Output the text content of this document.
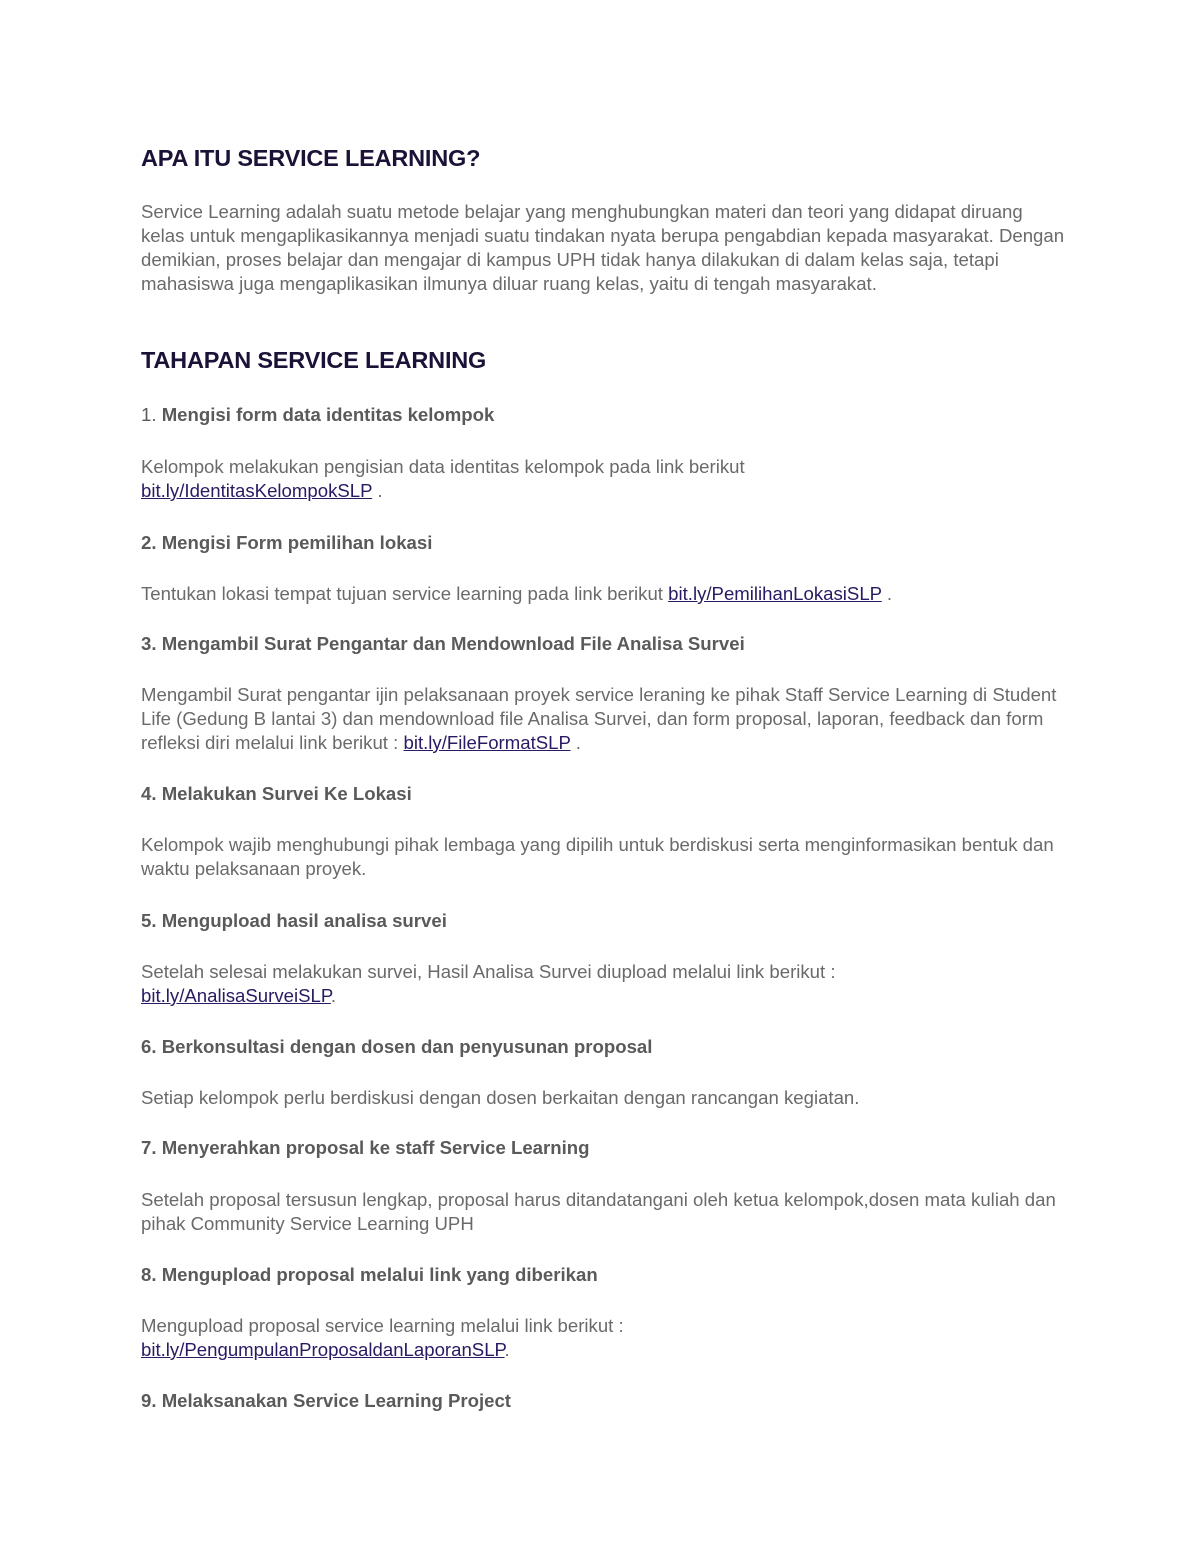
APA ITU SERVICE LEARNING?

Service Learning adalah suatu metode belajar yang menghubungkan materi dan teori yang didapat diruang kelas untuk mengaplikasikannya menjadi suatu tindakan nyata berupa pengabdian kepada masyarakat. Dengan demikian, proses belajar dan mengajar di kampus UPH tidak hanya dilakukan di dalam kelas saja, tetapi mahasiswa juga mengaplikasikan ilmunya diluar ruang kelas, yaitu di tengah masyarakat.

TAHAPAN SERVICE LEARNING

1. Mengisi form data identitas kelompok

Kelompok melakukan pengisian data identitas kelompok pada link berikut bit.ly/IdentitasKelompokSLP .

2. Mengisi Form pemilihan lokasi

Tentukan lokasi tempat tujuan service learning pada link berikut bit.ly/PemilihanLokasiSLP .

3. Mengambil Surat Pengantar dan Mendownload File Analisa Survei

Mengambil Surat pengantar ijin pelaksanaan proyek service leraning ke pihak Staff Service Learning di Student Life (Gedung B lantai 3) dan mendownload file Analisa Survei, dan form proposal, laporan, feedback dan form refleksi diri melalui link berikut : bit.ly/FileFormatSLP .

4. Melakukan Survei Ke Lokasi

Kelompok wajib menghubungi pihak lembaga yang dipilih untuk berdiskusi serta menginformasikan bentuk dan waktu pelaksanaan proyek.

5. Mengupload hasil analisa survei

Setelah selesai melakukan survei, Hasil Analisa Survei diupload melalui link berikut : bit.ly/AnalisaSurveiSLP.

6. Berkonsultasi dengan dosen dan penyusunan proposal

Setiap kelompok perlu berdiskusi dengan dosen berkaitan dengan rancangan kegiatan.

7. Menyerahkan proposal ke staff Service Learning

Setelah proposal tersusun lengkap, proposal harus ditandatangani oleh ketua kelompok,dosen mata kuliah dan pihak Community Service Learning UPH

8. Mengupload proposal melalui link yang diberikan

Mengupload proposal service learning melalui link berikut : bit.ly/PengumpulanProposaldanLaporanSLP.

9. Melaksanakan Service Learning Project
